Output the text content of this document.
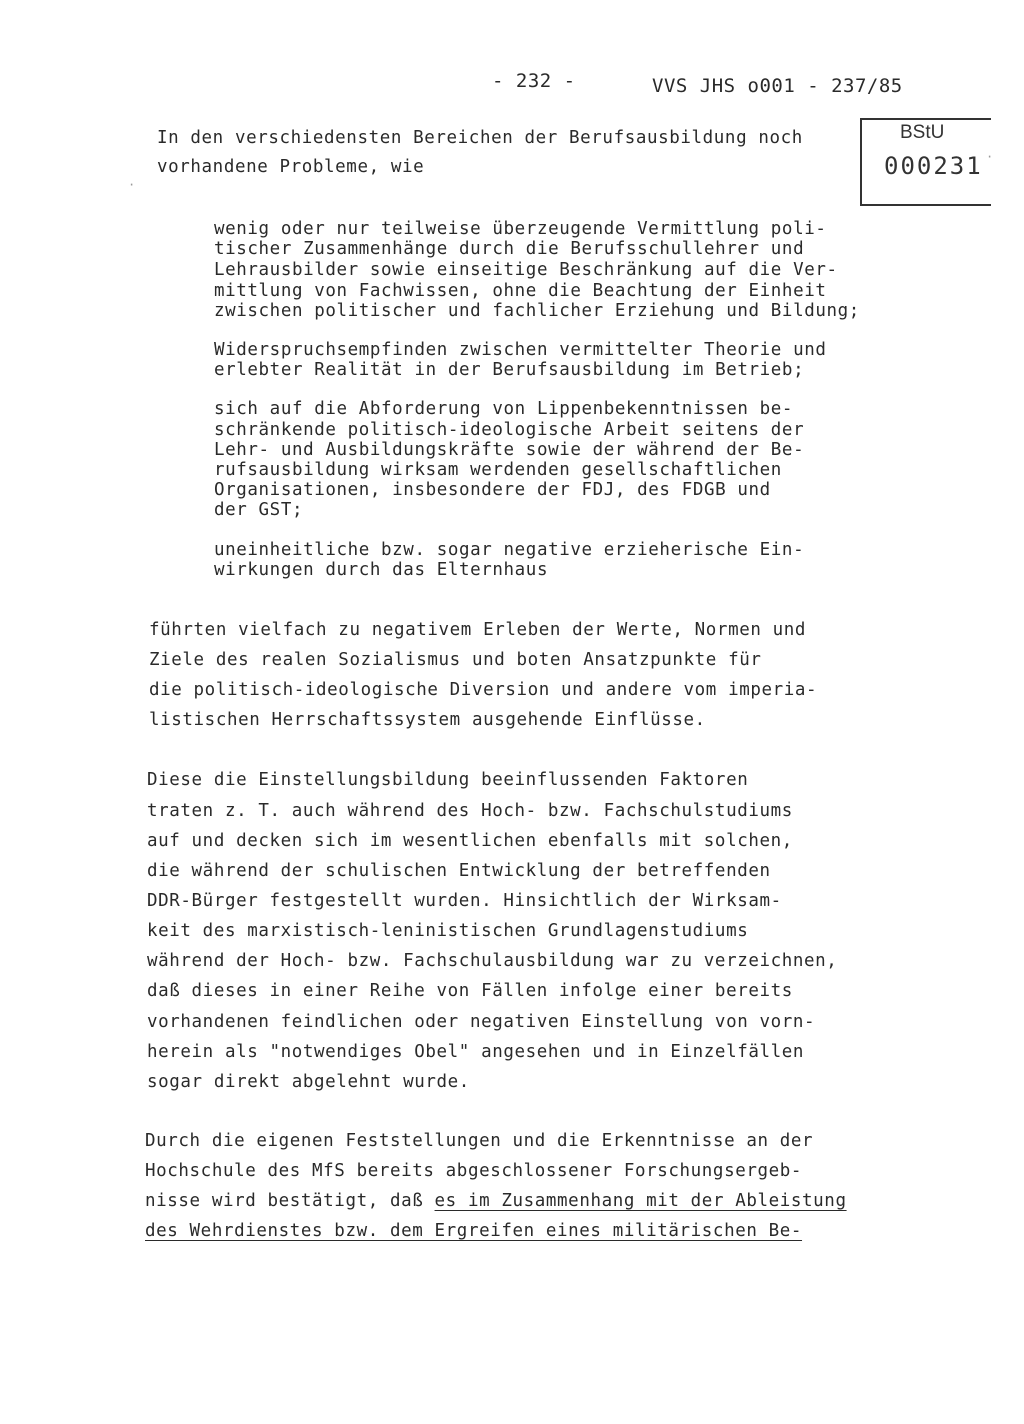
- 232 -	VVS JHS o001 - 237/85
BStU
000231 ·
·
In den verschiedensten Bereichen der Berufsausbildung noch
vorhandene Probleme, wie
wenig oder nur teilweise überzeugende Vermittlung poli-
tischer Zusammenhänge durch die Berufsschullehrer und
Lehrausbilder sowie einseitige Beschränkung auf die Ver-
mittlung von Fachwissen, ohne die Beachtung der Einheit
zwischen politischer und fachlicher Erziehung und Bildung;
Widerspruchsempfinden zwischen vermittelter Theorie und
erlebter Realität in der Berufsausbildung im Betrieb;
sich auf die Abforderung von Lippenbekenntnissen be-
schränkende politisch-ideologische Arbeit seitens der
Lehr- und Ausbildungskräfte sowie der während der Be-
rufsausbildung wirksam werdenden gesellschaftlichen
Organisationen, insbesondere der FDJ, des FDGB und
der GST;
uneinheitliche bzw. sogar negative erzieherische Ein-
wirkungen durch das Elternhaus
führten vielfach zu negativem Erleben der Werte, Normen und
Ziele des realen Sozialismus und boten Ansatzpunkte für
die politisch-ideologische Diversion und andere vom imperia-
listischen Herrschaftssystem ausgehende Einflüsse.
Diese die Einstellungsbildung beeinflussenden Faktoren
traten z. T. auch während des Hoch- bzw. Fachschulstudiums
auf und decken sich im wesentlichen ebenfalls mit solchen,
die während der schulischen Entwicklung der betreffenden
DDR-Bürger festgestellt wurden. Hinsichtlich der Wirksam-
keit des marxistisch-leninistischen Grundlagenstudiums
während der Hoch- bzw. Fachschulausbildung war zu verzeichnen,
daß dieses in einer Reihe von Fällen infolge einer bereits
vorhandenen feindlichen oder negativen Einstellung von vorn-
herein als "notwendiges Obel" angesehen und in Einzelfällen
sogar direkt abgelehnt wurde.
Durch die eigenen Feststellungen und die Erkenntnisse an der
Hochschule des MfS bereits abgeschlossener Forschungsergeb-
nisse wird bestätigt, daß es im Zusammenhang mit der Ableistung
des Wehrdienstes bzw. dem Ergreifen eines militärischen Be-
